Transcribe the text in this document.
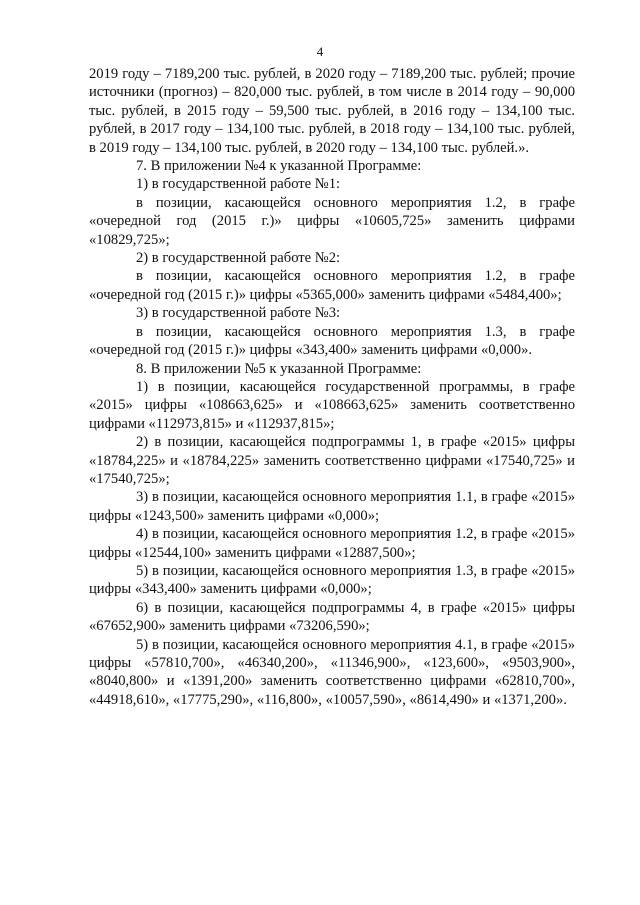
4

2019 году – 7189,200 тыс. рублей, в 2020 году – 7189,200 тыс. рублей; прочие источники (прогноз) – 820,000 тыс. рублей, в том числе в 2014 году – 90,000 тыс. рублей, в 2015 году – 59,500 тыс. рублей, в 2016 году – 134,100 тыс. рублей, в 2017 году – 134,100 тыс. рублей, в 2018 году – 134,100 тыс. рублей, в 2019 году – 134,100 тыс. рублей, в 2020 году – 134,100 тыс. рублей.».

7. В приложении №4 к указанной Программе:

1) в государственной работе №1:

в позиции, касающейся основного мероприятия 1.2, в графе «очередной год (2015 г.)» цифры «10605,725» заменить цифрами «10829,725»;

2) в государственной работе №2:

в позиции, касающейся основного мероприятия 1.2, в графе «очередной год (2015 г.)» цифры «5365,000» заменить цифрами «5484,400»;

3) в государственной работе №3:

в позиции, касающейся основного мероприятия 1.3, в графе «очередной год (2015 г.)» цифры «343,400» заменить цифрами «0,000».

8. В приложении №5 к указанной Программе:

1) в позиции, касающейся государственной программы, в графе «2015» цифры «108663,625» и «108663,625» заменить соответственно цифрами «112973,815» и «112937,815»;

2) в позиции, касающейся подпрограммы 1, в графе «2015» цифры «18784,225» и «18784,225» заменить соответственно цифрами «17540,725» и «17540,725»;

3) в позиции, касающейся основного мероприятия 1.1, в графе «2015» цифры «1243,500» заменить цифрами «0,000»;

4) в позиции, касающейся основного мероприятия 1.2, в графе «2015» цифры «12544,100» заменить цифрами «12887,500»;

5) в позиции, касающейся основного мероприятия 1.3, в графе «2015» цифры «343,400» заменить цифрами «0,000»;

6) в позиции, касающейся подпрограммы 4, в графе «2015» цифры «67652,900» заменить цифрами «73206,590»;

5) в позиции, касающейся основного мероприятия 4.1, в графе «2015» цифры «57810,700», «46340,200», «11346,900», «123,600», «9503,900», «8040,800» и «1391,200» заменить соответственно цифрами «62810,700», «44918,610», «17775,290», «116,800», «10057,590», «8614,490» и «1371,200».
